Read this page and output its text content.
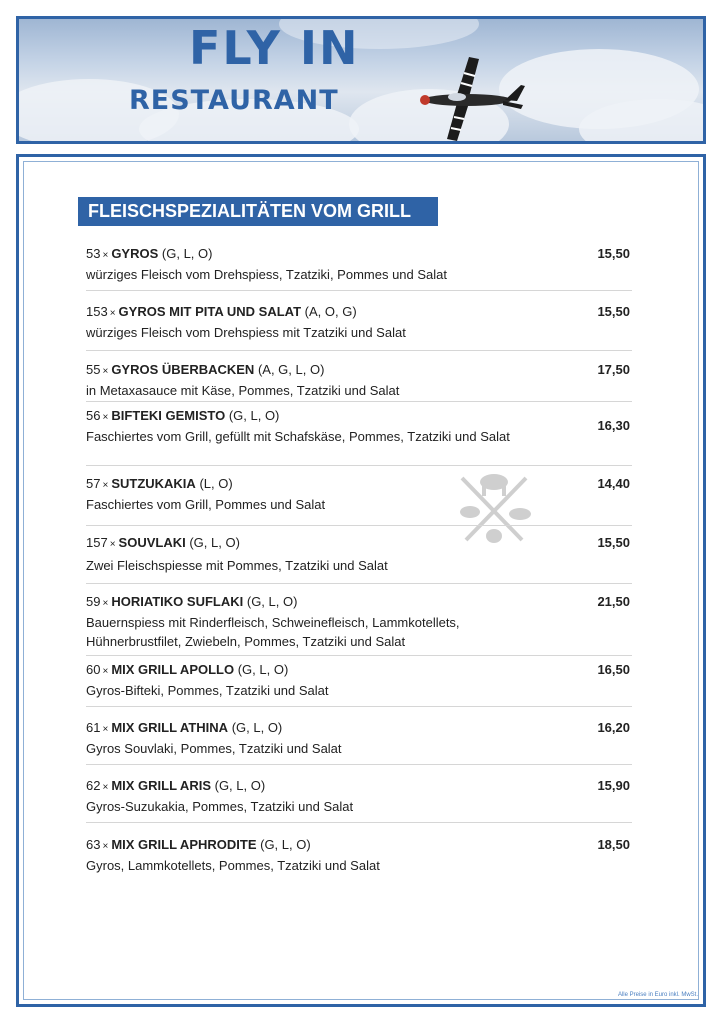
FLY IN
RESTAURANT
FLEISCHSPEZIALITÄTEN VOM GRILL
53 × GYROS (G, L, O)
würziges Fleisch vom Drehspiess, Tzatziki, Pommes und Salat
15,50
153 × GYROS MIT PITA UND SALAT (A, O, G)
würziges Fleisch vom Drehspiess mit Tzatziki und Salat
15,50
55 × GYROS ÜBERBACKEN (A, G, L, O)
in Metaxasauce mit Käse, Pommes, Tzatziki und Salat
17,50
56 × BIFTEKI GEMISTO (G, L, O)
Faschiertes vom Grill, gefüllt mit Schafskäse, Pommes, Tzatziki und Salat
16,30
57 × SUTZUKAKIA (L, O)
Faschiertes vom Grill, Pommes und Salat
14,40
157 × SOUVLAKI (G, L, O)
Zwei Fleischspiesse mit Pommes, Tzatziki und Salat
15,50
59 × HORIATIKO SUFLAKI (G, L, O)
Bauernspiess mit Rinderfleisch, Schweinefleisch, Lammkotellets,
Hühnerbrustfilet, Zwiebeln, Pommes, Tzatziki und Salat
21,50
60 × MIX GRILL APOLLO (G, L, O)
Gyros-Bifteki, Pommes, Tzatziki und Salat
16,50
61 × MIX GRILL ATHINA (G, L, O)
Gyros Souvlaki, Pommes, Tzatziki und Salat
16,20
62 × MIX GRILL ARIS (G, L, O)
Gyros-Suzukakia, Pommes, Tzatziki und Salat
15,90
63 × MIX GRILL APHRODITE (G, L, O)
Gyros, Lammkotellets, Pommes, Tzatziki und Salat
18,50
Alle Preise in Euro inkl. MwSt.
